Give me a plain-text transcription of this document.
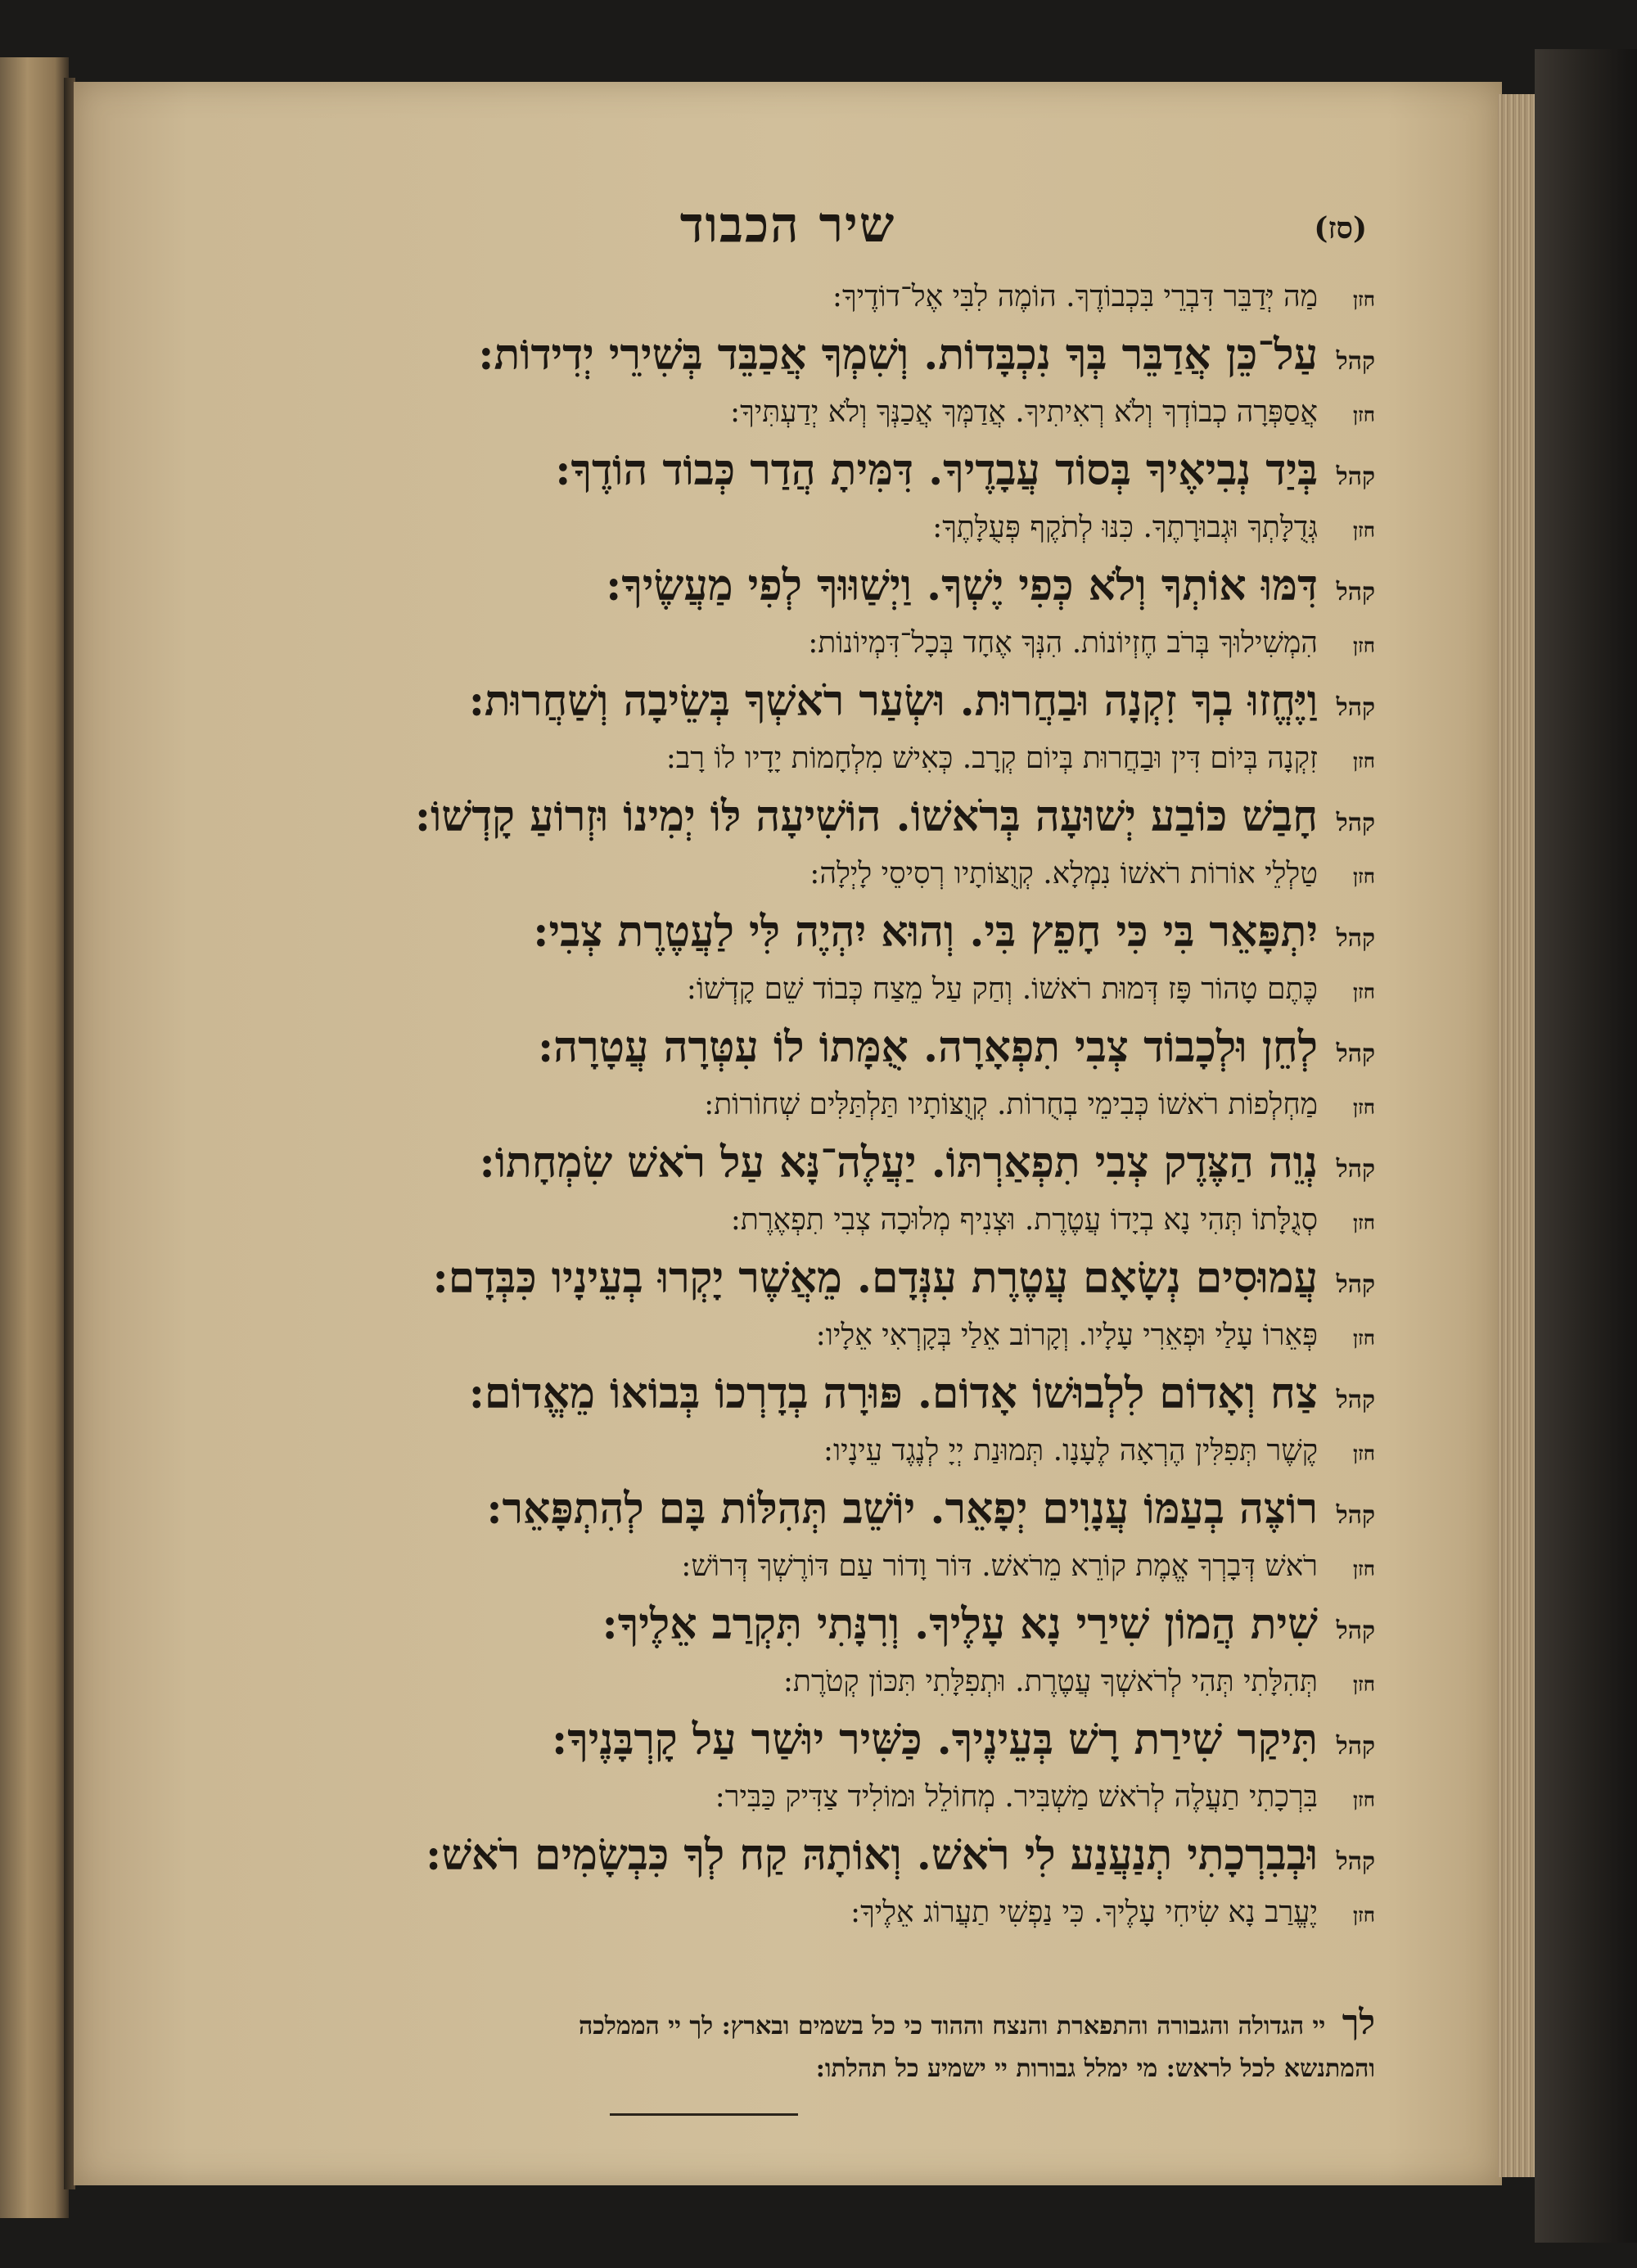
(סז)
שיר הכבוד
חזןמַה יְּדַבֵּר דִּבְרֵי בִּכְבוֹדֶךָ. הוֹמֶה לִבִּי אֶל־דוֹדֶיךָ:
קהלעַל־כֵּן אֲדַבֵּר בְּךָ נִכְבָּדוֹת. וְשִׁמְךָ אֲכַבֵּד בְּשִׁירֵי יְדִידוֹת:
חזןאֲסַפְּרָה כְבוֹדְךָ וְלֹא רְאִיתִיךָ. אֲדַמְּךָ אֲכַנְּךָ וְלֹא יְדַעְתִּיךָ:
קהלבְּיַד נְבִיאֶיךָ בְּסוֹד עֲבָדֶיךָ. דִּמִּיתָ הֲדַר כְּבוֹד הוֹדֶךָ:
חזןגְּדֻלָּתְךָ וּגְבוּרָתֶךָ. כִּנּוּ לְתֹקֶף פְּעֻלָּתֶךָ:
קהלדִּמּוּ אוֹתְךָ וְלֹא כְּפִי יֶשְׁךָ. וַיְשַׁוּוּךָ לְפִי מַעֲשֶׂיךָ:
חזןהִמְשִׁילוּךָ בְּרֹב חֶזְיוֹנוֹת. הִנְּךָ אֶחָד בְּכָל־דִּמְיוֹנוֹת:
קהלוַיֶּחֱזוּ בְךָ זִקְנָה וּבַחֲרוּת. וּשְׂעַר רֹאשְׁךָ בְּשֵׂיבָה וְשַׁחֲרוּת:
חזןזִקְנָה בְּיוֹם דִּין וּבַחֲרוּת בְּיוֹם קְרָב. כְּאִישׁ מִלְחָמוֹת יָדָיו לוֹ רָב:
קהלחָבַשׁ כּוֹבַע יְשׁוּעָה בְּרֹאשׁוֹ. הוֹשִׁיעָה לּוֹ יְמִינוֹ וּזְרוֹעַ קָדְשׁוֹ:
חזןטַלְלֵי אוֹרוֹת רֹאשׁוֹ נִמְלָא. קְוֻצּוֹתָיו רְסִיסֵי לָיְלָה:
קהליִתְפָּאֵר בִּי כִּי חָפֵץ בִּי. וְהוּא יִהְיֶה לִּי לַעֲטֶרֶת צְבִי:
חזןכֶּתֶם טָהוֹר פָּז דְּמוּת רֹאשׁוֹ. וְחַק עַל מֵצַח כְּבוֹד שֵׁם קָדְשׁוֹ:
קהללְחֵן וּלְכָבוֹד צְבִי תִפְאָרָה. אֻמָּתוֹ לוֹ עִטְּרָה עֲטָרָה:
חזןמַחְלְפוֹת רֹאשׁוֹ כְּבִימֵי בְחֻרוֹת. קְוֻצּוֹתָיו תַּלְתַּלִּים שְׁחוֹרוֹת:
קהלנְוֵה הַצֶּדֶק צְבִי תִפְאַרְתּוֹ. יַעֲלֶה־נָּא עַל רֹאשׁ שִׂמְחָתוֹ:
חזןסְגֻלָּתוֹ תְּהִי נָא בְיָדוֹ עֲטֶרֶת. וּצְנִיף מְלוּכָה צְבִי תִפְאֶרֶת:
קהלעֲמוּסִים נְשָׂאָם עֲטֶרֶת עִנְּדָם. מֵאֲשֶׁר יָקְרוּ בְעֵינָיו כִּבְּדָם:
חזןפְּאֵרוֹ עָלַי וּפְאֵרִי עָלָיו. וְקָרוֹב אֵלַי בְּקָרְאִי אֵלָיו:
קהלצַח וְאָדוֹם לִלְבוּשׁוֹ אָדוֹם. פּוּרָה בְדָרְכוֹ בְּבוֹאוֹ מֵאֱדוֹם:
חזןקֶשֶׁר תְּפִלִּין הֶרְאָה לֶעָנָו. תְּמוּנַת יְיָ לְנֶגֶד עֵינָיו:
קהלרוֹצֶה בְעַמּוֹ עֲנָוִים יְפָאֵר. יוֹשֵׁב תְּהִלּוֹת בָּם לְהִתְפָּאֵר:
חזןרֹאשׁ דְּבָרְךָ אֱמֶת קוֹרֵא מֵרֹאשׁ. דּוֹר וָדוֹר עַם דּוֹרֶשְׁךָ דְּרוֹשׁ:
קהלשִׁית הֲמוֹן שִׁירַי נָא עָלֶיךָ. וְרִנָּתִי תִּקְרַב אֵלֶיךָ:
חזןתְּהִלָּתִי תְּהִי לְרֹאשְׁךָ עֲטֶרֶת. וּתְפִלָּתִי תִּכּוֹן קְטֹרֶת:
קהלתִּיקַר שִׁירַת רָשׁ בְּעֵינֶיךָ. כַּשִּׁיר יוּשַׁר עַל קָרְבָּנֶיךָ:
חזןבִּרְכָתִי תַעֲלֶה לְרֹאשׁ מַשְׁבִּיר. מְחוֹלֵל וּמוֹלִיד צַדִּיק כַּבִּיר:
קהלוּבְבִרְכָתִי תְנַעֲנַע לִי רֹאשׁ. וְאוֹתָהּ קַח לְךָ כִּבְשָׂמִים רֹאשׁ:
חזןיֶעֱרַב נָא שִׂיחִי עָלֶיךָ. כִּי נַפְשִׁי תַעֲרוֹג אֵלֶיךָ:
לך יי הגדולה והגבורה והתפארת והנצח וההוד כי כל בשמים ובארץ: לך יי הממלכה
והמתנשא לכל לראש: מי ימלל גבורות יי ישמיע כל תהלתו:
